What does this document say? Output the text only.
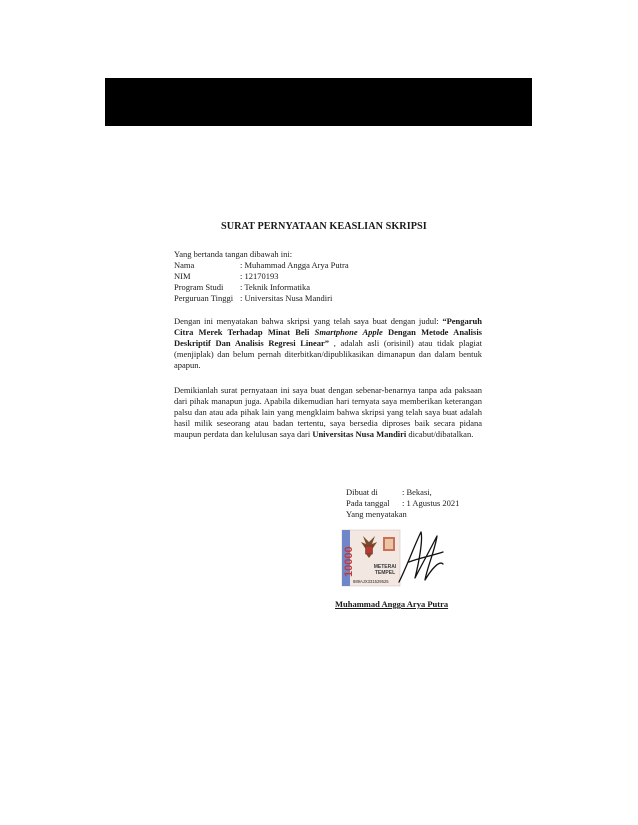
SURAT PERNYATAAN KEASLIAN SKRIPSI
Yang bertanda tangan dibawah ini:
Nama	: Muhammad Angga Arya Putra
NIM	: 12170193
Program Studi : Teknik Informatika
Perguruan Tinggi : Universitas Nusa Mandiri
Dengan ini menyatakan bahwa skripsi yang telah saya buat dengan judul: “Pengaruh Citra Merek Terhadap Minat Beli Smartphone Apple Dengan Metode Analisis Deskriptif Dan Analisis Regresi Linear” , adalah asli (orisinil) atau tidak plagiat (menjiplak) dan belum pernah diterbitkan/dipublikasikan dimanapun dan dalam bentuk apapun.
Demikianlah surat pernyataan ini saya buat dengan sebenar-benarnya tanpa ada paksaan dari pihak manapun juga. Apabila dikemudian hari ternyata saya memberikan keterangan palsu dan atau ada pihak lain yang mengklaim bahwa skripsi yang telah saya buat adalah hasil milik seseorang atau badan tertentu, saya bersedia diproses baik secara pidana maupun perdata dan kelulusan saya dari Universitas Nusa Mandiri dicabut/dibatalkan.
Dibuat di	: Bekasi,
Pada tanggal : 1 Agustus 2021
Yang menyatakan
10000	METERAI
TEMPEL
889AJX331529525
Muhammad Angga Arya Putra
